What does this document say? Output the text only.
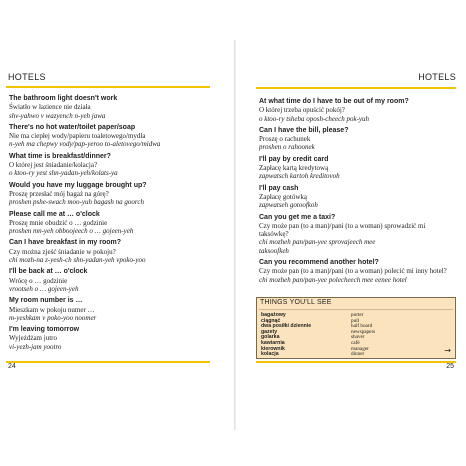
HOTELS
The bathroom light doesn't work
Światło w łazience nie działa
shv-yahwo v wazyench n-yeh jawa
There's no hot water/toilet paper/soap
Nie ma ciepłej wody/papieru toaletowego/mydła
n-yeh ma chepwy vody/pap-yeroo to-aletovego/midwa
What time is breakfast/dinner?
O której jest śniadanie/kolacja?
o ktoo-ry yest shn-yadan-yeh/kolats-ya
Would you have my luggage brought up?
Proszę przesłać mój bagaż na górę?
proshen pshe-swach moo-yuh bagash na goorch
Please call me at … o'clock
Proszę mnie obudzić o … godzinie
proshen mn-yeh obboojeech o … gojeen-yeh
Can I have breakfast in my room?
Czy można zjeść śniadanie w pokoju?
chi mozh-na z-yesh-ch shn-yadan-yeh vpoko-yoo
I'll be back at … o'clock
Wrócę o … godzinie
vrootseh o … gojeen-yeh
My room number is …
Mieszkam w pokoju numer …
m-yeshkam v poko-yoo noomer
I'm leaving tomorrow
Wyjeżdżam jutro
vi-yezh-jam yootro
24
HOTELS
At what time do I have to be out of my room?
O której trzeba opuścić pokój?
o ktoo-ry tsheba oposh-cheech pok-yuh
Can I have the bill, please?
Proszę o rachunek
proshen o rahoonek
I'll pay by credit card
Zapłacę kartą kredytową
zapwatsch kartoh kreditovoh
I'll pay cash
Zapłacę gotówką
zapwatseh gotoofkoh
Can you get me a taxi?
Czy może pan (to a man)/pani (to a woman) sprowadzić mi
taksówkę?
chi mozheh pan/pan-yee sprovajeech mee
taksoofkeh
Can you recommend another hotel?
Czy może pan (to a man)/pani (to a woman) polecić mi inny hotel?
chi mozheh pan/pan-yee polecheech mee eenee hotel
THINGS YOU'LL SEE
bagażowy	porter
ciągnąć	pull
dwa posiłki dziennie	half board
gazety	newspapers
golarka	shaver
kawiarnia	café
kierownik	manager
kolacja	dinner	→
25
